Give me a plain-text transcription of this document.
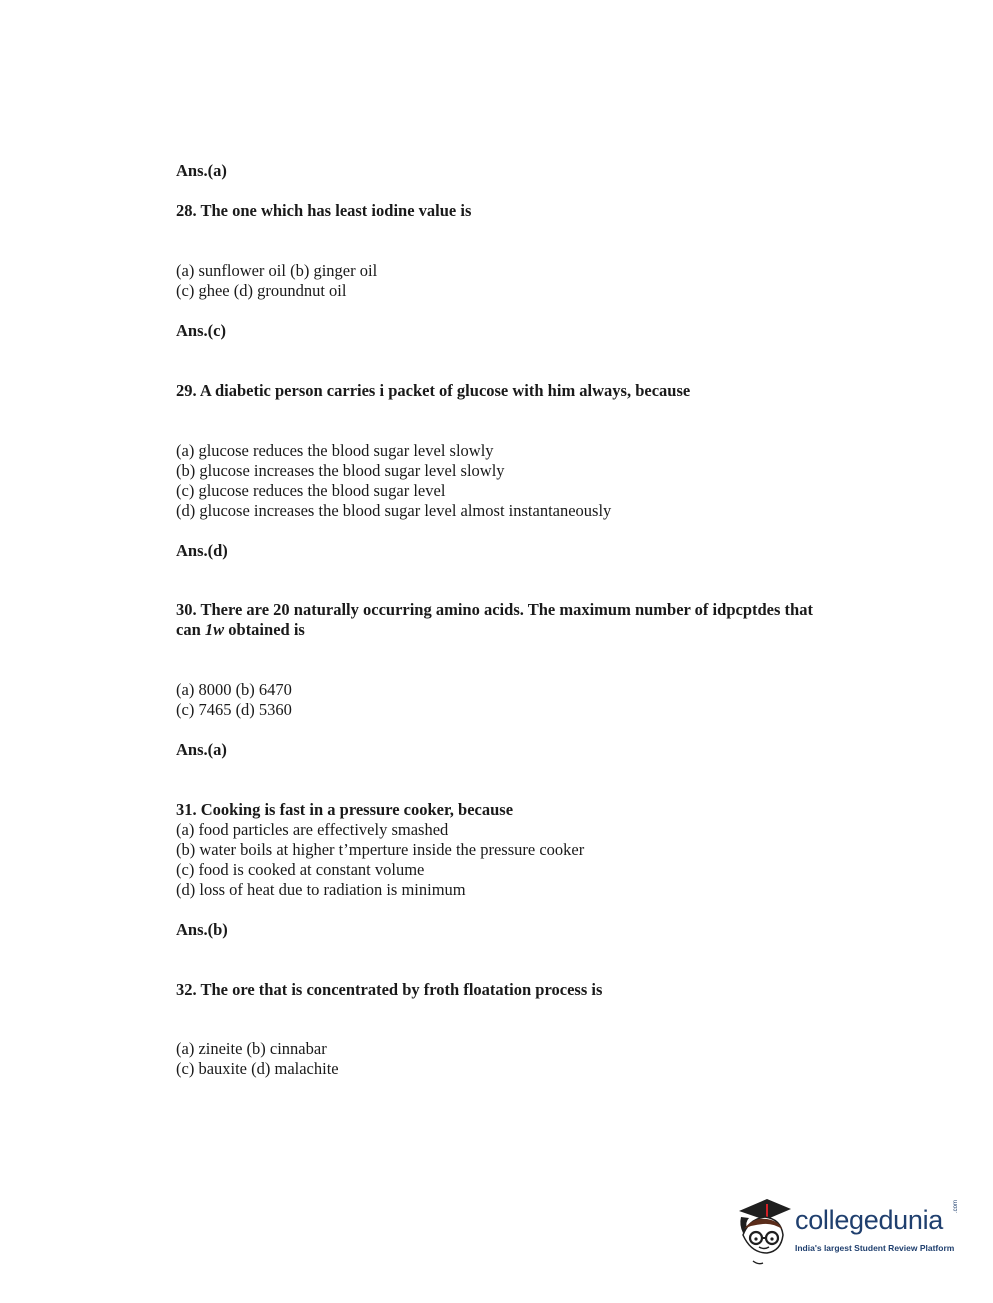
Ans.(a)
28. The one which has least iodine value is
(a) sunflower oil (b) ginger oil
(c) ghee (d) groundnut oil
Ans.(c)
29. A diabetic person carries i packet of glucose with him always, because
(a) glucose reduces the blood sugar level slowly
(b) glucose increases the blood sugar level slowly
(c) glucose reduces the blood sugar level
(d) glucose increases the blood sugar level almost instantaneously
Ans.(d)
30. There are 20 naturally occurring amino acids. The maximum number of idpcptdes that
can 1w obtained is
(a) 8000 (b) 6470
(c) 7465 (d) 5360
Ans.(a)
31. Cooking is fast in a pressure cooker, because
(a) food particles are effectively smashed
(b) water boils at higher t’mperture inside the pressure cooker
(c) food is cooked at constant volume
(d) loss of heat due to radiation is minimum
Ans.(b)
32. The ore that is concentrated by froth floatation process is
(a) zineite (b) cinnabar
(c) bauxite (d) malachite
collegedunia .com
India's largest Student Review Platform
